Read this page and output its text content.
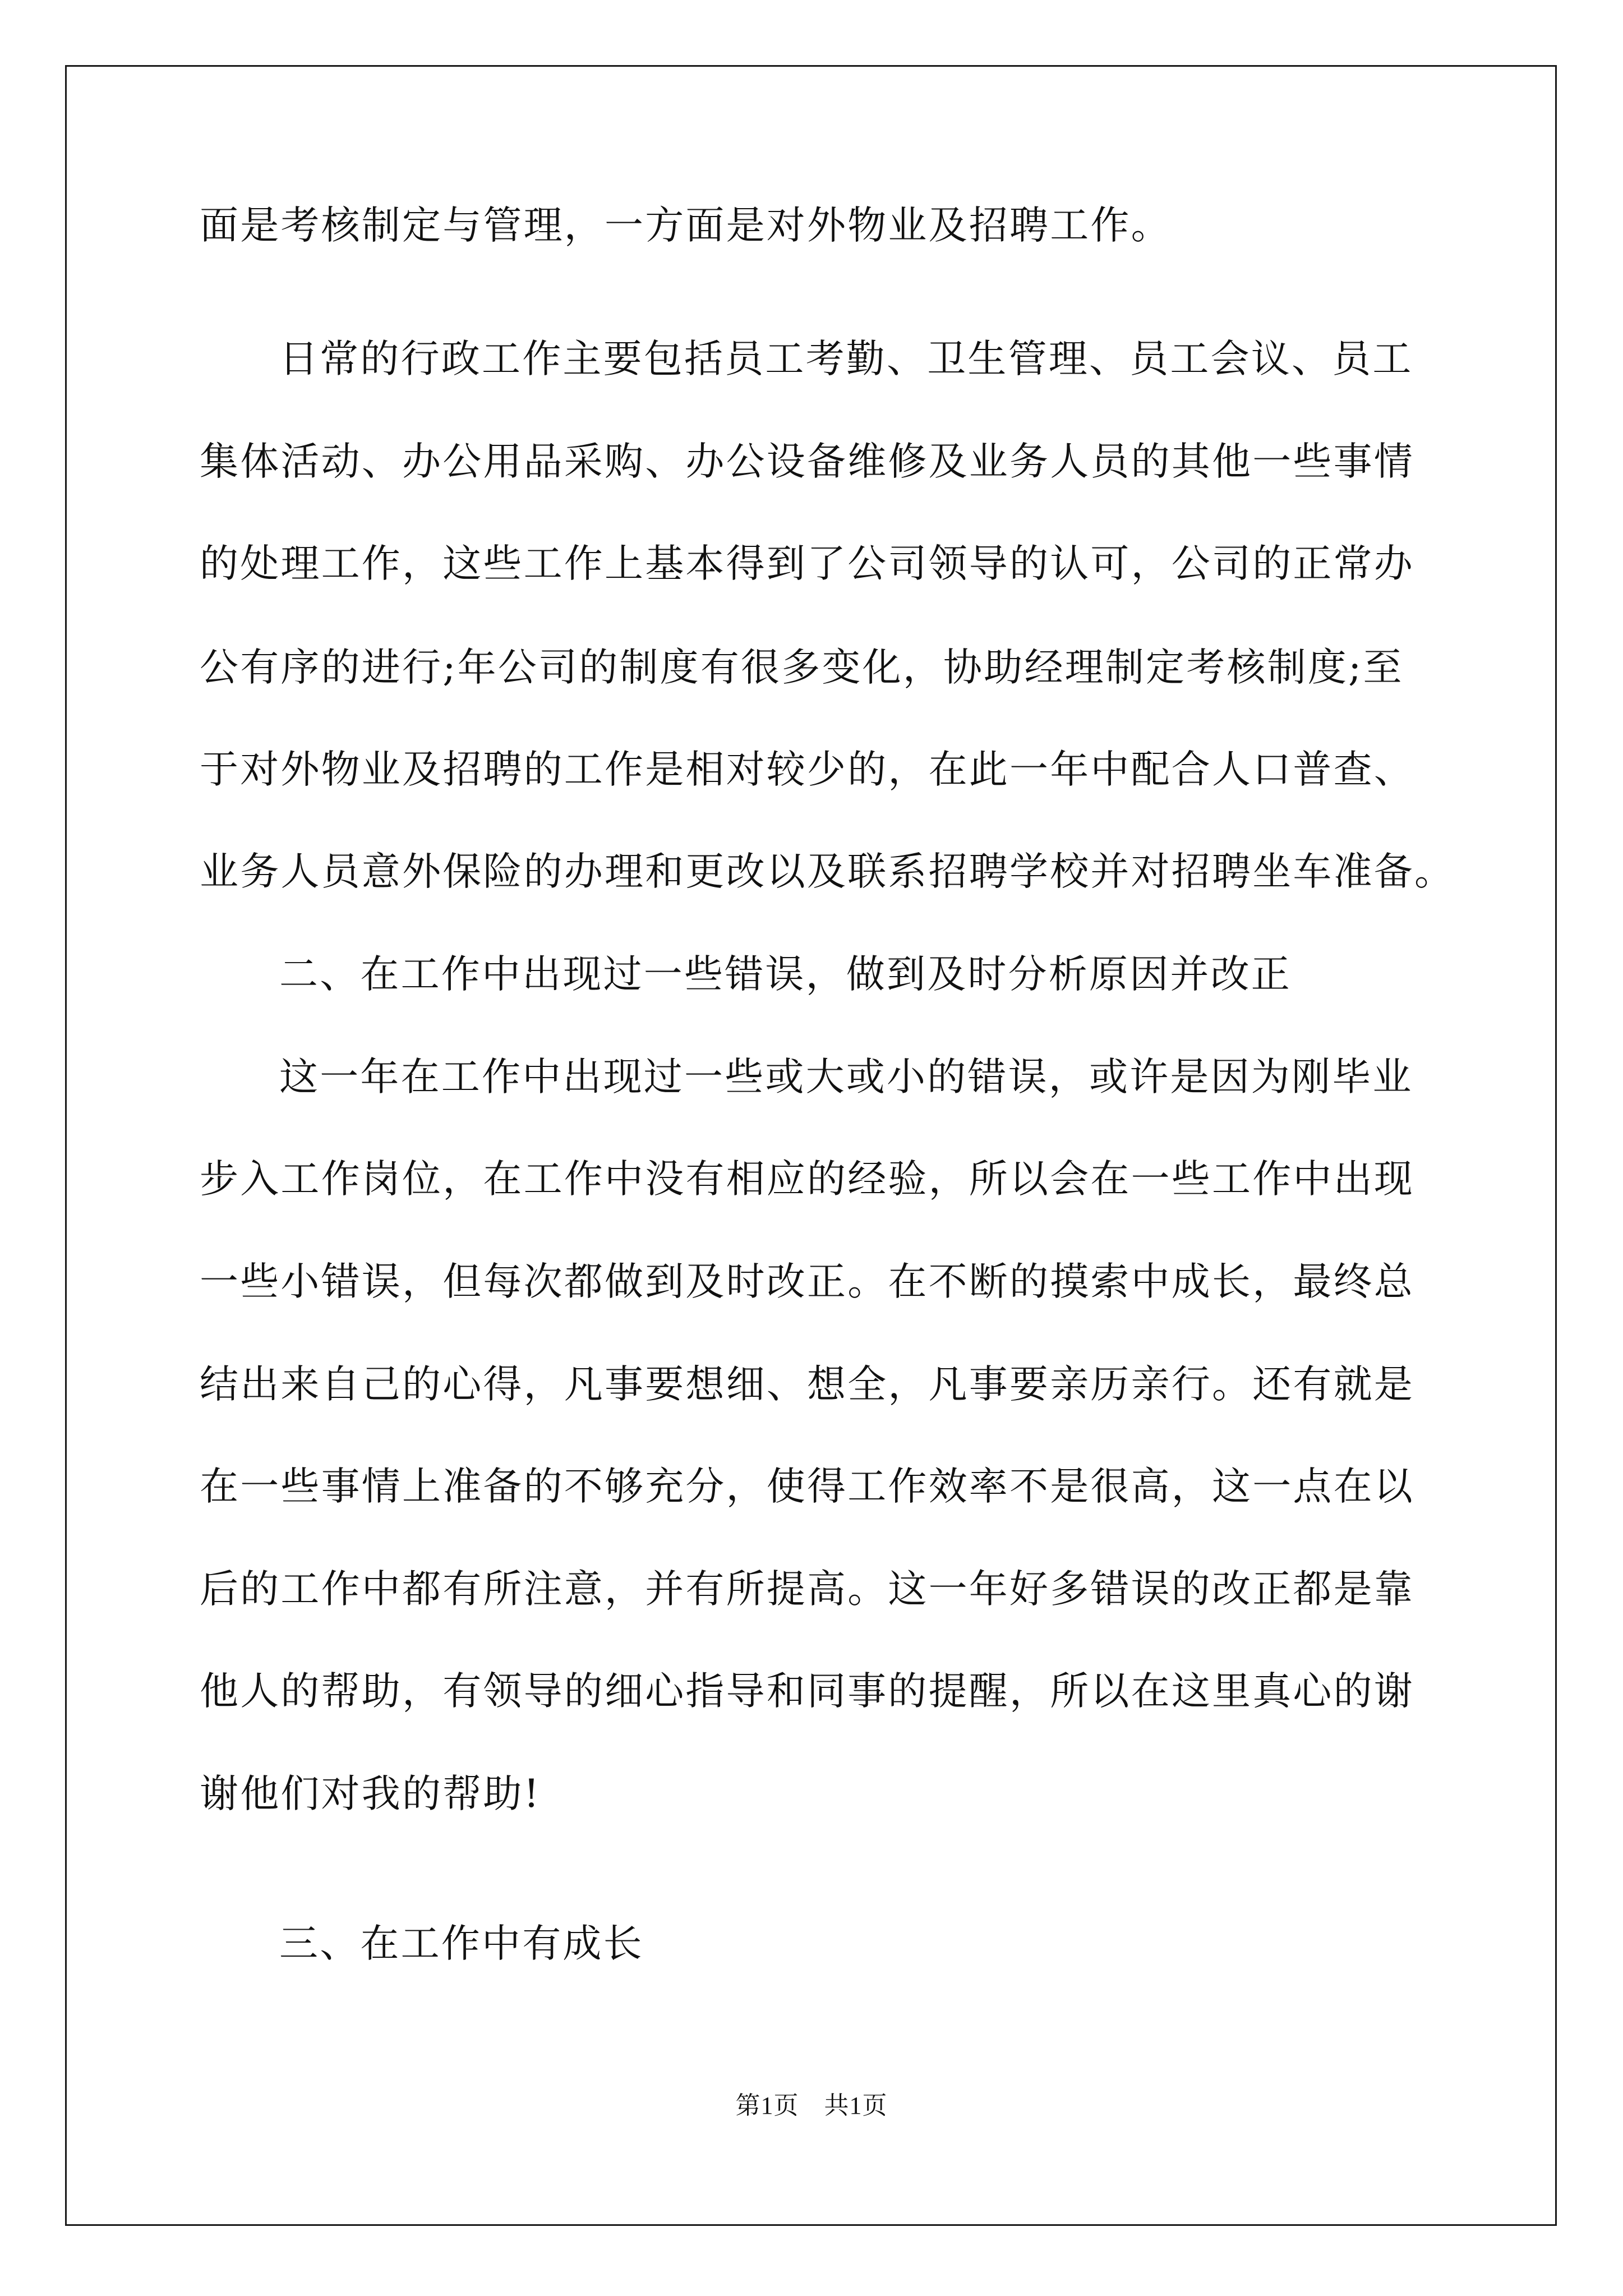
面是考核制定与管理，一方面是对外物业及招聘工作。
日常的行政工作主要包括员工考勤、卫生管理、员工会议、员工
集体活动、办公用品采购、办公设备维修及业务人员的其他一些事情
的处理工作，这些工作上基本得到了公司领导的认可，公司的正常办
公有序的进行;年公司的制度有很多变化，协助经理制定考核制度;至
于对外物业及招聘的工作是相对较少的，在此一年中配合人口普查、
业务人员意外保险的办理和更改以及联系招聘学校并对招聘坐车准备。
二、在工作中出现过一些错误，做到及时分析原因并改正
这一年在工作中出现过一些或大或小的错误，或许是因为刚毕业
步入工作岗位，在工作中没有相应的经验，所以会在一些工作中出现
一些小错误，但每次都做到及时改正。在不断的摸索中成长，最终总
结出来自己的心得，凡事要想细、想全，凡事要亲历亲行。还有就是
在一些事情上准备的不够充分，使得工作效率不是很高，这一点在以
后的工作中都有所注意，并有所提高。这一年好多错误的改正都是靠
他人的帮助，有领导的细心指导和同事的提醒，所以在这里真心的谢
谢他们对我的帮助!
三、在工作中有成长
第1页　共1页
